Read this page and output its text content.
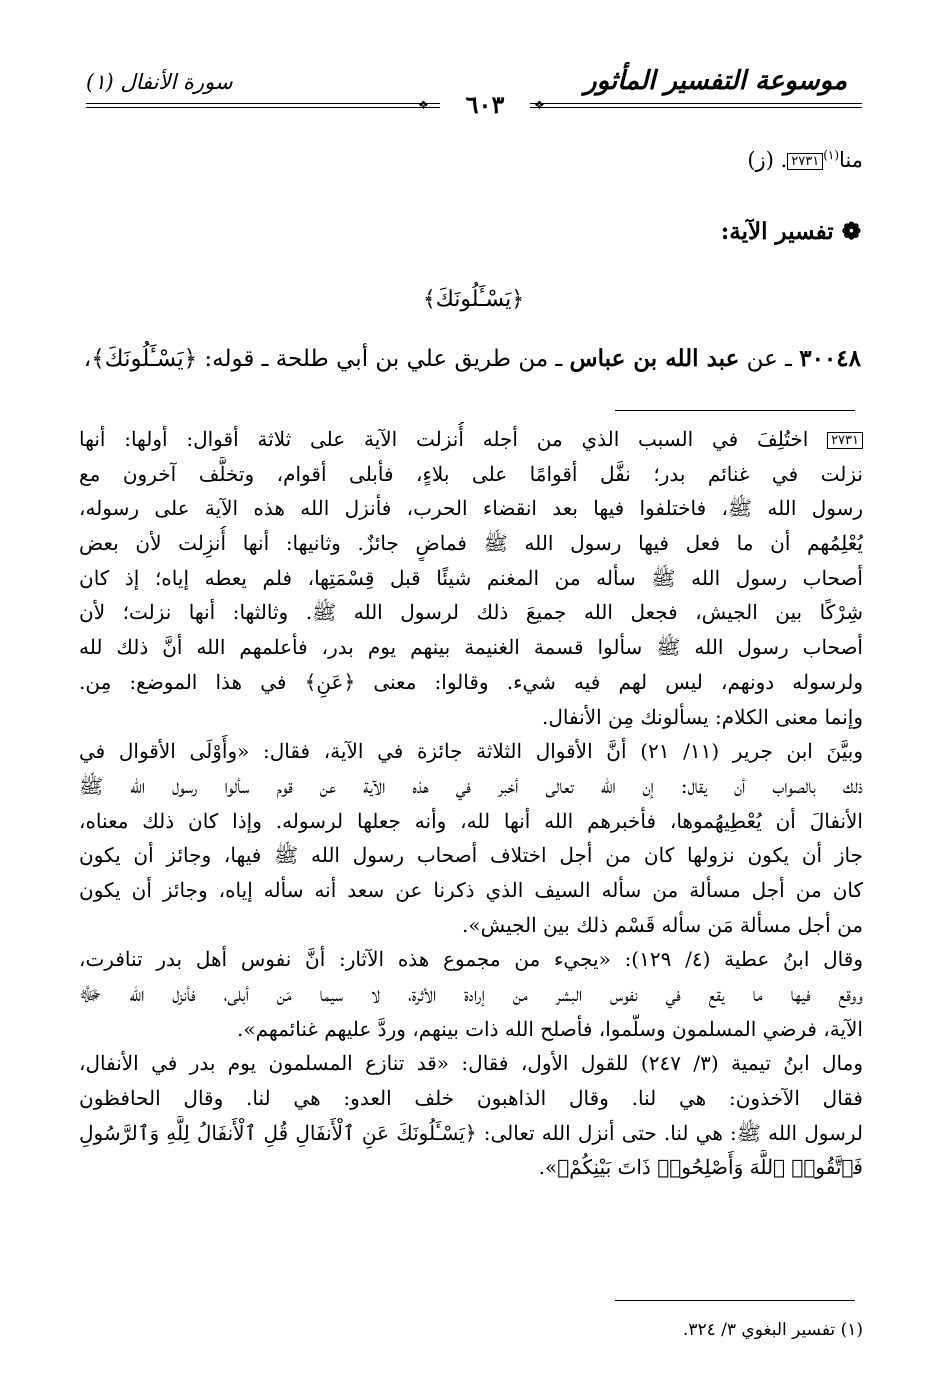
موسوعة التفسير المأثور
سورة الأنفال (١)
❖	٦٠٣	❖
منا$^{(١)}$٢٧٣١. (ز)
❁ تفسير الآية:
﴿يَسْـَٔلُونَكَ﴾
٣٠٠٤٨ ـ عن عبد الله بن عباس ـ من طريق علي بن أبي طلحة ـ قوله: ﴿يَسْـَٔلُونَكَ﴾،
٢٧٣١ اختُلِفَ في السبب الذي من أجله أُنزلت الآية على ثلاثة أقوال: أولها: أنها
نزلت في غنائم بدر؛ نفَّل أقوامًا على بلاءٍ، فأبلى أقوام، وتخلَّف آخرون مع
رسول الله ﷺ، فاختلفوا فيها بعد انقضاء الحرب، فأنزل الله هذه الآية على رسوله،
يُعْلِمُهم أن ما فعل فيها رسول الله ﷺ فماضٍ جائزٌ. وثانيها: أنها أُنزِلت لأن بعض
أصحاب رسول الله ﷺ سأله من المغنم شيئًا قبل قِسْمَتِها، فلم يعطه إياه؛ إذ كان
شِرْكًا بين الجيش، فجعل الله جميعَ ذلك لرسول الله ﷺ. وثالثها: أنها نزلت؛ لأن
أصحاب رسول الله ﷺ سألوا قسمة الغنيمة بينهم يوم بدر، فأعلمهم الله أنَّ ذلك لله
ولرسوله دونهم، ليس لهم فيه شيء. وقالوا: معنى ﴿عَنِ﴾ في هذا الموضع: مِن.
وإنما معنى الكلام: يسألونك مِن الأنفال.
وبيَّنَ ابن جرير (١١/ ٢١) أنَّ الأقوال الثلاثة جائزة في الآية، فقال: «وأَوْلَى الأقوال في
ذلك بالصواب أن يقال: إن الله تعالى أخبر في هذه الآية عن قوم سألوا رسول الله ﷺ
الأنفالَ أن يُعْطِيهُموها، فأخبرهم الله أنها لله، وأنه جعلها لرسوله. وإذا كان ذلك معناه،
جاز أن يكون نزولها كان من أجل اختلاف أصحاب رسول الله ﷺ فيها، وجائز أن يكون
كان من أجل مسألة من سأله السيف الذي ذكرنا عن سعد أنه سأله إياه، وجائز أن يكون
من أجل مسألة مَن سأله قَسْم ذلك بين الجيش».
وقال ابنُ عطية (٤/ ١٢٩): «يجيء من مجموع هذه الآثار: أنَّ نفوس أهل بدر تنافرت،
ووقع فيها ما يقع في نفوس البشر من إرادة الأثرة، لا سيما مَن أبلى، فأنزل الله ﷻ
الآية، فرضي المسلمون وسلّموا، فأصلح الله ذات بينهم، وردَّ عليهم غنائمهم».
ومال ابنُ تيمية (٣/ ٢٤٧) للقول الأول، فقال: «قد تنازع المسلمون يوم بدر في الأنفال،
فقال الآخذون: هي لنا. وقال الذاهبون خلف العدو: هي لنا. وقال الحافظون
لرسول الله ﷺ: هي لنا. حتى أنزل الله تعالى: ﴿يَسْـَٔلُونَكَ عَنِ ٱلْأَنفَالِ قُلِ ٱلْأَنفَالُ لِلَّهِ وَٱلرَّسُولِ
فَٱتَّقُوا۟ ٱللَّهَ وَأَصْلِحُوا۟ ذَاتَ بَيْنِكُمْ﴾».
(١) تفسير البغوي ٣/ ٣٢٤.
